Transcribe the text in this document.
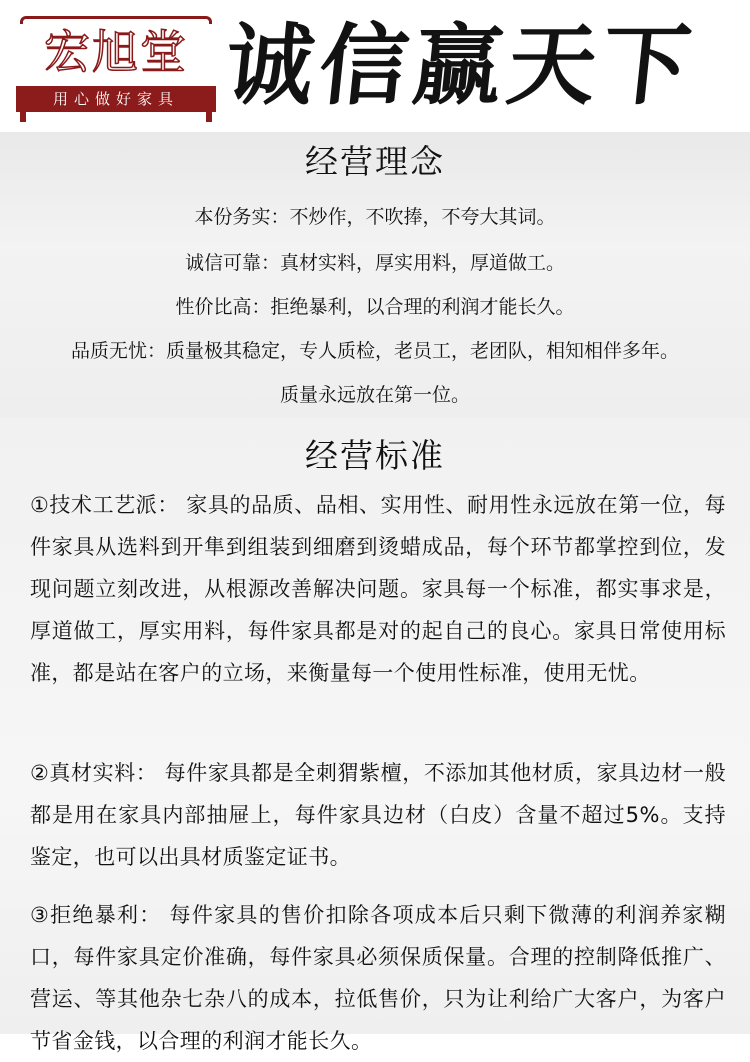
宏旭堂
用心做好家具 诚信赢天下
经营理念
本份务实：不炒作，不吹捧，不夸大其词。
诚信可靠：真材实料，厚实用料，厚道做工。
性价比高：拒绝暴利，以合理的利润才能长久。
品质无忧：质量极其稳定，专人质检，老员工，老团队，相知相伴多年。
质量永远放在第一位。
经营标准
①技术工艺派： 家具的品质、品相、实用性、耐用性永远放在第一位，每件家具从选料到开隼到组装到细磨到烫蜡成品，每个环节都掌控到位，发现问题立刻改进，从根源改善解决问题。家具每一个标准，都实事求是，厚道做工，厚实用料，每件家具都是对的起自己的良心。家具日常使用标准，都是站在客户的立场，来衡量每一个使用性标准，使用无忧。
②真材实料： 每件家具都是全刺猬紫檀，不添加其他材质，家具边材一般都是用在家具内部抽屉上，每件家具边材（白皮）含量不超过5%。支持鉴定，也可以出具材质鉴定证书。
③拒绝暴利： 每件家具的售价扣除各项成本后只剩下微薄的利润养家糊口，每件家具定价准确，每件家具必须保质保量。合理的控制降低推广、营运、等其他杂七杂八的成本，拉低售价，只为让利给广大客户，为客户节省金钱，以合理的利润才能长久。
